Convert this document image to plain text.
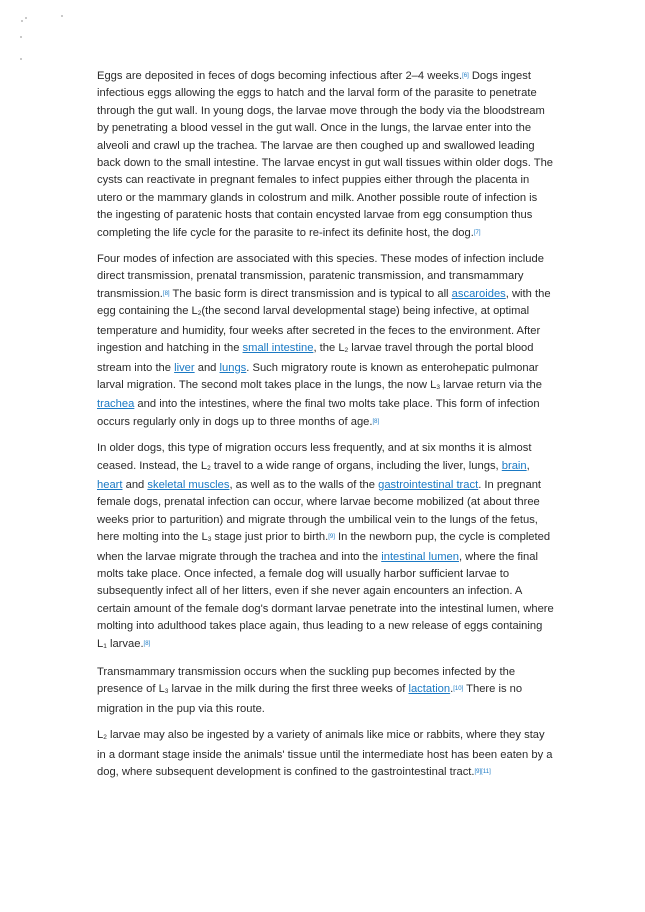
Eggs are deposited in feces of dogs becoming infectious after 2–4 weeks.[6] Dogs ingest infectious eggs allowing the eggs to hatch and the larval form of the parasite to penetrate through the gut wall. In young dogs, the larvae move through the body via the bloodstream by penetrating a blood vessel in the gut wall. Once in the lungs, the larvae enter into the alveoli and crawl up the trachea. The larvae are then coughed up and swallowed leading back down to the small intestine. The larvae encyst in gut wall tissues within older dogs. The cysts can reactivate in pregnant females to infect puppies either through the placenta in utero or the mammary glands in colostrum and milk. Another possible route of infection is the ingesting of paratenic hosts that contain encysted larvae from egg consumption thus completing the life cycle for the parasite to re-infect its definite host, the dog.[7]

Four modes of infection are associated with this species. These modes of infection include direct transmission, prenatal transmission, paratenic transmission, and transmammary transmission.[8] The basic form is direct transmission and is typical to all ascaroides, with the egg containing the L2(the second larval developmental stage) being infective, at optimal temperature and humidity, four weeks after secreted in the feces to the environment. After ingestion and hatching in the small intestine, the L2 larvae travel through the portal blood stream into the liver and lungs. Such migratory route is known as enterohepatic pulmonar larval migration. The second molt takes place in the lungs, the now L3 larvae return via the trachea and into the intestines, where the final two molts take place. This form of infection occurs regularly only in dogs up to three months of age.[8]

In older dogs, this type of migration occurs less frequently, and at six months it is almost ceased. Instead, the L2 travel to a wide range of organs, including the liver, lungs, brain, heart and skeletal muscles, as well as to the walls of the gastrointestinal tract. In pregnant female dogs, prenatal infection can occur, where larvae become mobilized (at about three weeks prior to parturition) and migrate through the umbilical vein to the lungs of the fetus, here molting into the L3 stage just prior to birth.[9] In the newborn pup, the cycle is completed when the larvae migrate through the trachea and into the intestinal lumen, where the final molts take place. Once infected, a female dog will usually harbor sufficient larvae to subsequently infect all of her litters, even if she never again encounters an infection. A certain amount of the female dog's dormant larvae penetrate into the intestinal lumen, where molting into adulthood takes place again, thus leading to a new release of eggs containing L1 larvae.[8]

Transmammary transmission occurs when the suckling pup becomes infected by the presence of L3 larvae in the milk during the first three weeks of lactation.[10] There is no migration in the pup via this route.

L2 larvae may also be ingested by a variety of animals like mice or rabbits, where they stay in a dormant stage inside the animals' tissue until the intermediate host has been eaten by a dog, where subsequent development is confined to the gastrointestinal tract.[9][11]
